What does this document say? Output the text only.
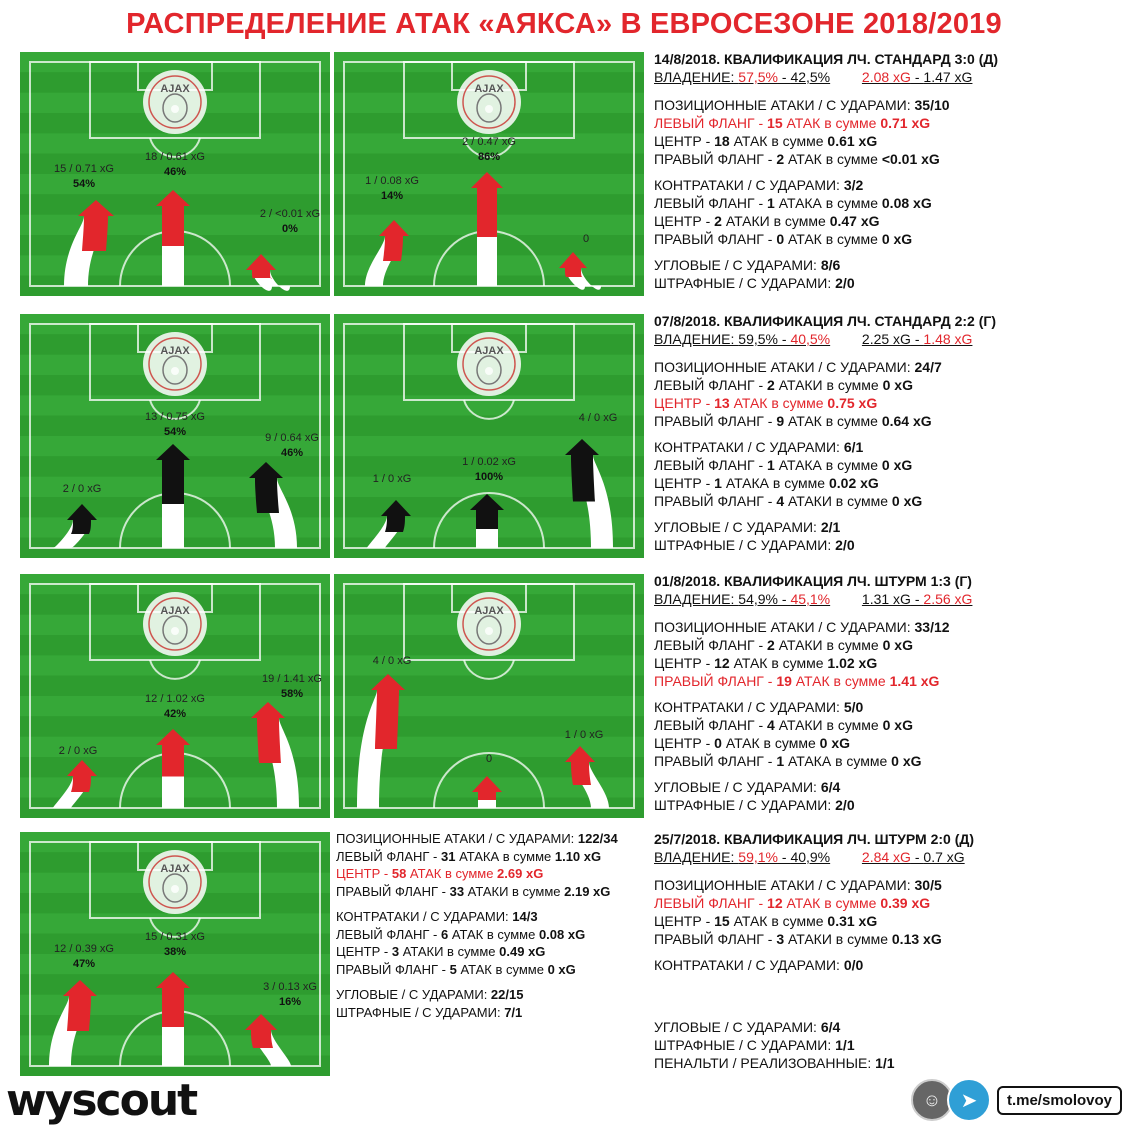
РАСПРЕДЕЛЕНИЕ АТАК «АЯКСА» В ЕВРОСЕЗОНЕ 2018/2019
AJAX
15 / 0.71 xG
54%
18 / 0.61 xG
46%
2 / <0.01 xG
0%
AJAX
1 / 0.08 xG
14%
2 / 0.47 xG
86%
0
AJAX
2 / 0 xG
13 / 0.75 xG
54%	9 / 0.64 xG
46%
AJAX
1 / 0 xG
1 / 0.02 xG
100%
4 / 0 xG
AJAX
2 / 0 xG
12 / 1.02 xG
42%
19 / 1.41 xG
58%
AJAX
4 / 0 xG
0
1 / 0 xG
AJAX
12 / 0.39 xG
47%
15 / 0.31 xG
38%
3 / 0.13 xG
16%
14/8/2018. КВАЛИФИКАЦИЯ ЛЧ. СТАНДАРД 3:0 (Д)
ВЛАДЕНИЕ: 57,5% - 42,5% 2.08 xG - 1.47 xG
ПОЗИЦИОННЫЕ АТАКИ / С УДАРАМИ: 35/10
ЛЕВЫЙ ФЛАНГ - 15 АТАК в сумме 0.71 xG
ЦЕНТР - 18 АТАК в сумме 0.61 xG
ПРАВЫЙ ФЛАНГ - 2 АТАК в сумме <0.01 xG
КОНТРАТАКИ / С УДАРАМИ: 3/2
ЛЕВЫЙ ФЛАНГ - 1 АТАКА в сумме 0.08 xG
ЦЕНТР - 2 АТАКИ в сумме 0.47 xG
ПРАВЫЙ ФЛАНГ - 0 АТАК в сумме 0 xG
УГЛОВЫЕ / С УДАРАМИ: 8/6
ШТРАФНЫЕ / С УДАРАМИ: 2/0
07/8/2018. КВАЛИФИКАЦИЯ ЛЧ. СТАНДАРД 2:2 (Г)
ВЛАДЕНИЕ: 59,5% - 40,5% 2.25 xG - 1.48 xG
ПОЗИЦИОННЫЕ АТАКИ / С УДАРАМИ: 24/7
ЛЕВЫЙ ФЛАНГ - 2 АТАКИ в сумме 0 xG
ЦЕНТР - 13 АТАК в сумме 0.75 xG
ПРАВЫЙ ФЛАНГ - 9 АТАК в сумме 0.64 xG
КОНТРАТАКИ / С УДАРАМИ: 6/1
ЛЕВЫЙ ФЛАНГ - 1 АТАКА в сумме 0 xG
ЦЕНТР - 1 АТАКА в сумме 0.02 xG
ПРАВЫЙ ФЛАНГ - 4 АТАКИ в сумме 0 xG
УГЛОВЫЕ / С УДАРАМИ: 2/1
ШТРАФНЫЕ / С УДАРАМИ: 2/0
01/8/2018. КВАЛИФИКАЦИЯ ЛЧ. ШТУРМ 1:3 (Г)
ВЛАДЕНИЕ: 54,9% - 45,1% 1.31 xG - 2.56 xG
ПОЗИЦИОННЫЕ АТАКИ / С УДАРАМИ: 33/12
ЛЕВЫЙ ФЛАНГ - 2 АТАКИ в сумме 0 xG
ЦЕНТР - 12 АТАК в сумме 1.02 xG
ПРАВЫЙ ФЛАНГ - 19 АТАК в сумме 1.41 xG
КОНТРАТАКИ / С УДАРАМИ: 5/0
ЛЕВЫЙ ФЛАНГ - 4 АТАКИ в сумме 0 xG
ЦЕНТР - 0 АТАК в сумме 0 xG
ПРАВЫЙ ФЛАНГ - 1 АТАКА в сумме 0 xG
УГЛОВЫЕ / С УДАРАМИ: 6/4
ШТРАФНЫЕ / С УДАРАМИ: 2/0
25/7/2018. КВАЛИФИКАЦИЯ ЛЧ. ШТУРМ 2:0 (Д)
ВЛАДЕНИЕ: 59,1% - 40,9% 2.84 xG - 0.7 xG
ПОЗИЦИОННЫЕ АТАКИ / С УДАРАМИ: 30/5
ЛЕВЫЙ ФЛАНГ - 12 АТАК в сумме 0.39 xG
ЦЕНТР - 15 АТАК в сумме 0.31 xG
ПРАВЫЙ ФЛАНГ - 3 АТАКИ в сумме 0.13 xG
КОНТРАТАКИ / С УДАРАМИ: 0/0
УГЛОВЫЕ / С УДАРАМИ: 6/4
ШТРАФНЫЕ / С УДАРАМИ: 1/1
ПЕНАЛЬТИ / РЕАЛИЗОВАННЫЕ: 1/1
ПОЗИЦИОННЫЕ АТАКИ / С УДАРАМИ: 122/34
ЛЕВЫЙ ФЛАНГ - 31 АТАКА в сумме 1.10 xG
ЦЕНТР - 58 АТАК в сумме 2.69 xG
ПРАВЫЙ ФЛАНГ - 33 АТАКИ в сумме 2.19 xG
КОНТРАТАКИ / С УДАРАМИ: 14/3
ЛЕВЫЙ ФЛАНГ - 6 АТАК в сумме 0.08 xG
ЦЕНТР - 3 АТАКИ в сумме 0.49 xG
ПРАВЫЙ ФЛАНГ - 5 АТАК в сумме 0 xG
УГЛОВЫЕ / С УДАРАМИ: 22/15
ШТРАФНЫЕ / С УДАРАМИ: 7/1
wyscout	☺ ➤	t.me/smolovoy
